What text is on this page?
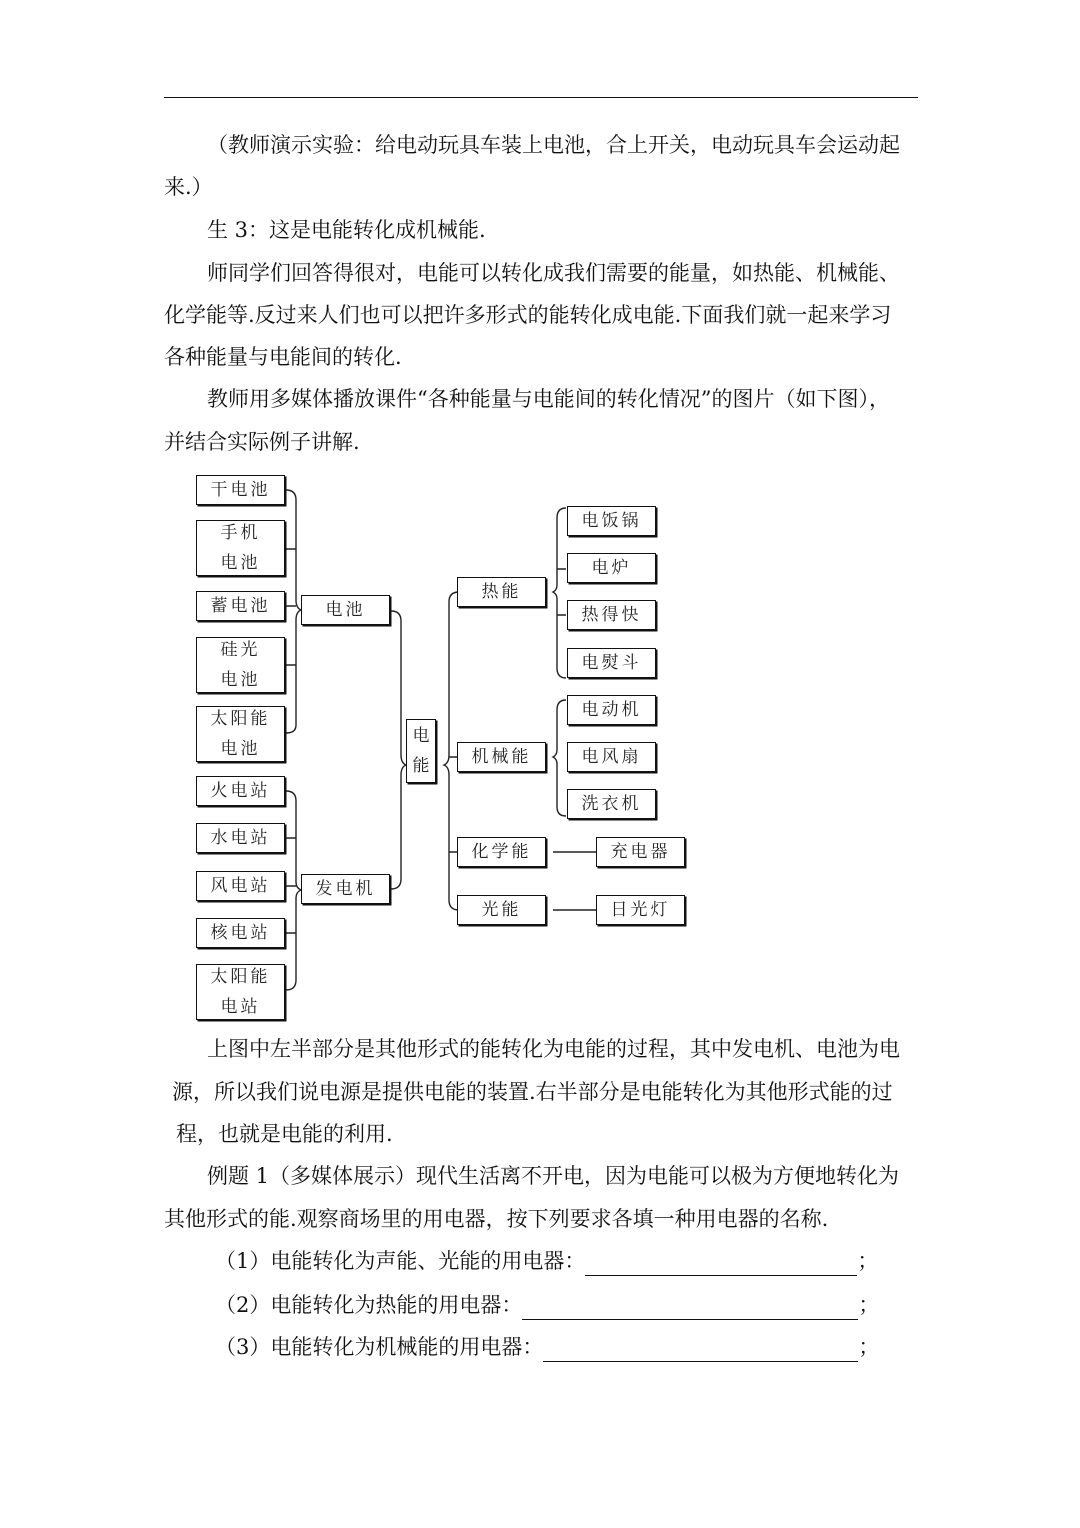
（教师演示实验：给电动玩具车装上电池，合上开关，电动玩具车会运动起
来.）
生 3：这是电能转化成机械能.
师同学们回答得很对，电能可以转化成我们需要的能量，如热能、机械能、
化学能等.反过来人们也可以把许多形式的能转化成电能.下面我们就一起来学习
各种能量与电能间的转化.
教师用多媒体播放课件“各种能量与电能间的转化情况”的图片（如下图），
并结合实际例子讲解.
干电池
手机
电池
蓄电池
硅光
电池
太阳能
电池
火电站
水电站
风电站
核电站
太阳能
电站
电池
发电机
电
能
热能
机械能
化学能
光能
电饭锅
电炉
热得快
电熨斗
电动机
电风扇
洗衣机
充电器
日光灯
上图中左半部分是其他形式的能转化为电能的过程，其中发电机、电池为电
源，所以我们说电源是提供电能的装置.右半部分是电能转化为其他形式能的过
程，也就是电能的利用.
例题 1（多媒体展示）现代生活离不开电，因为电能可以极为方便地转化为
其他形式的能.观察商场里的用电器，按下列要求各填一种用电器的名称.
（1）电能转化为声能、光能的用电器：	；
（2）电能转化为热能的用电器：	；
（3）电能转化为机械能的用电器：	；
